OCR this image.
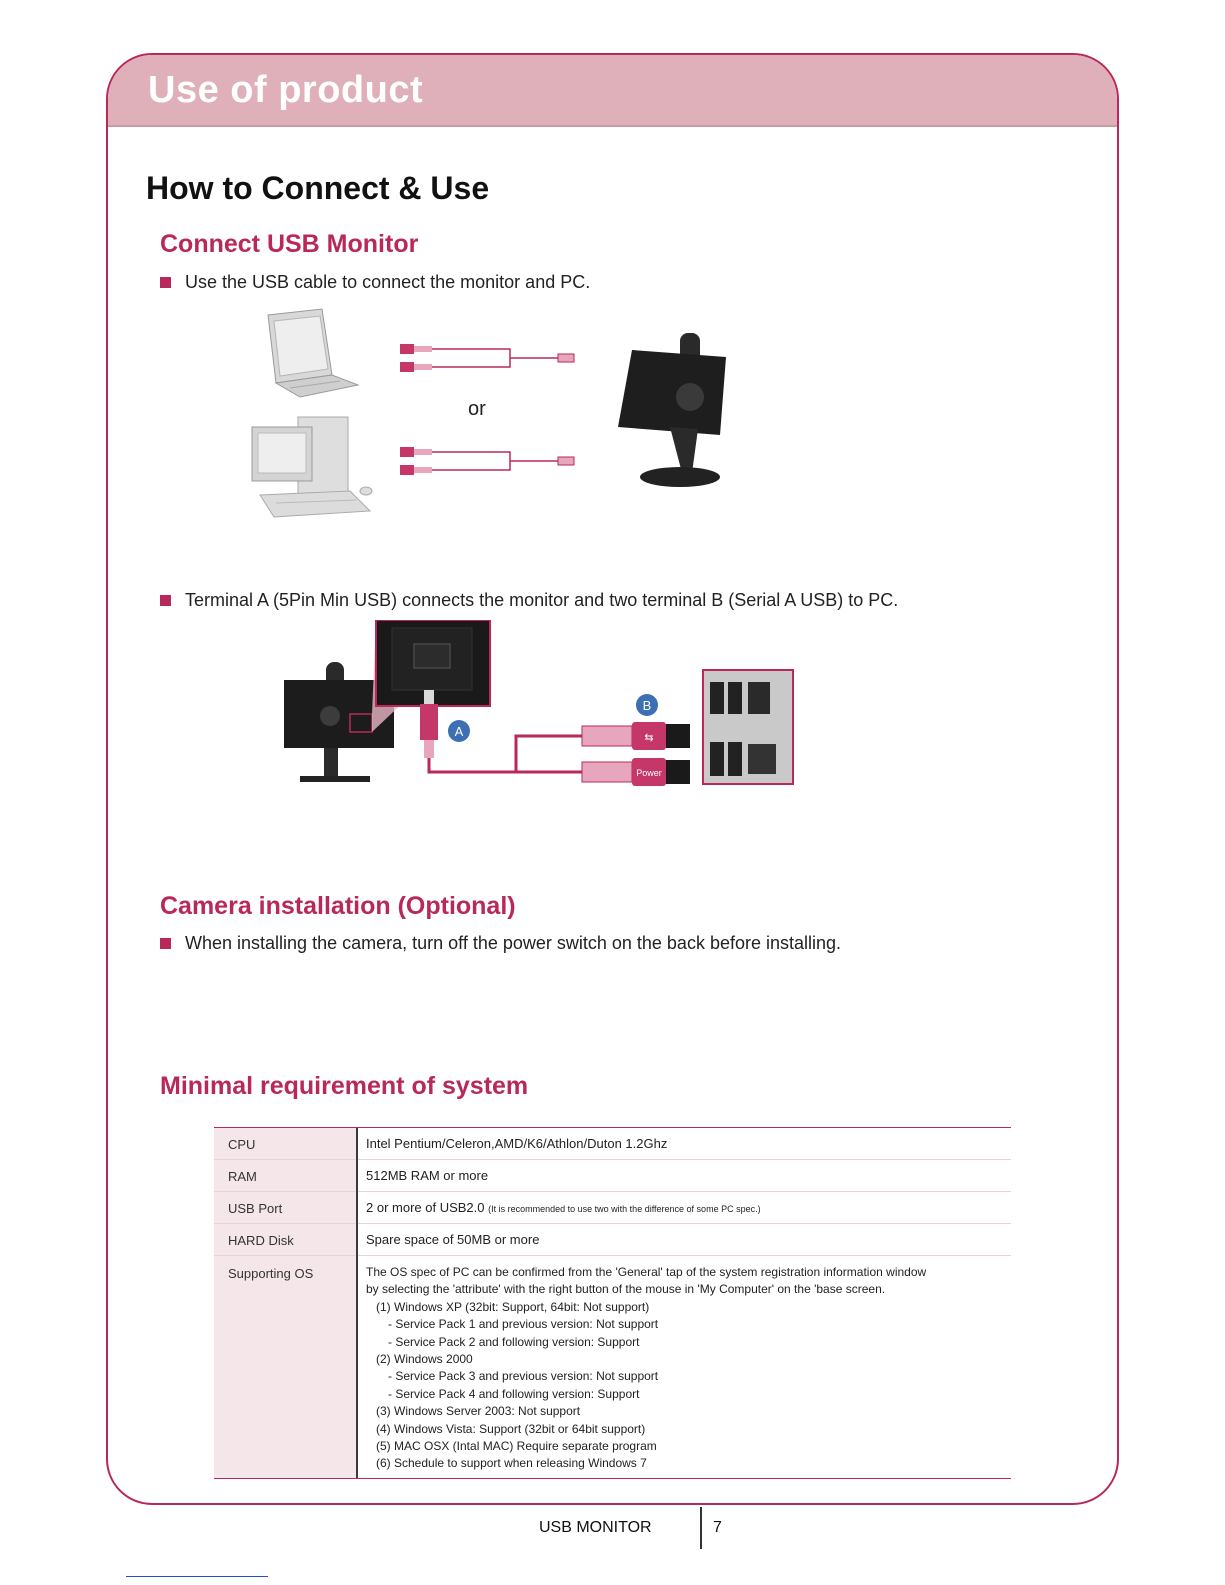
Use of product
How to Connect & Use
Connect USB Monitor
Use the USB cable to connect the monitor and PC.
or
Terminal A (5Pin Min USB) connects the monitor and two terminal B (Serial A USB) to PC.
A
B
⇆
Power
Camera installation (Optional)
When installing the camera, turn off the power switch on the back before installing.
Minimal requirement of system
CPU	Intel Pentium/Celeron,AMD/K6/Athlon/Duton 1.2Ghz
RAM	512MB RAM or more
USB Port	2 or more of USB2.0 (It is recommended to use two with the difference of some PC spec.)
HARD Disk	Spare space of 50MB or more
Supporting OS	The OS spec of PC can be confirmed from the 'General' tap of the system registration information window
by selecting the 'attribute' with the right button of the mouse in 'My Computer' on the 'base screen.
(1) Windows XP (32bit: Support, 64bit: Not support)
- Service Pack 1 and previous version: Not support
- Service Pack 2 and following version: Support
(2) Windows 2000
- Service Pack 3 and previous version: Not support
- Service Pack 4 and following version: Support
(3) Windows Server 2003: Not support
(4) Windows Vista: Support (32bit or 64bit support)
(5) MAC OSX (Intal MAC) Require separate program
(6) Schedule to support when releasing Windows 7
USB MONITOR	7
